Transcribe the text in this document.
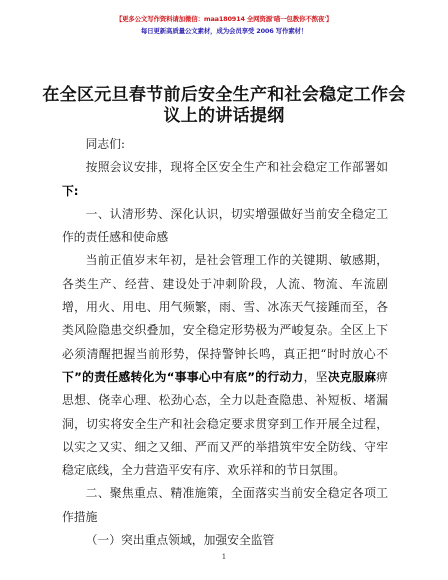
【更多公文写作资料请加微信：maa180914 全网资源'喵一包教你不熬夜'】
每日更新高质量公文素材，成为会员享受 2006 写作素材！
在全区元旦春节前后安全生产和社会稳定工作会议上的讲话提纲

同志们:

按照会议安排，现将全区安全生产和社会稳定工作部署如下:

一、认清形势、深化认识，切实增强做好当前安全稳定工作的责任感和使命感

当前正值岁末年初，是社会管理工作的关键期、敏感期，各类生产、经营、建设处于冲刺阶段，人流、物流、车流剧增，用火、用电、用气频繁，雨、雪、冰冻天气接踵而至，各类风险隐患交织叠加，安全稳定形势极为严峻复杂。全区上下必须清醒把握当前形势，保持警钟长鸣，真正把“时时放心不下”的责任感转化为“事事心中有底”的行动力，坚决克服麻痹思想、侥幸心理、松劲心态，全力以赴查隐患、补短板、堵漏洞，切实将安全生产和社会稳定要求贯穿到工作开展全过程，以实之又实、细之又细、严而又严的举措筑牢安全防线、守牢稳定底线，全力营造平安有序、欢乐祥和的节日氛围。

二、聚焦重点、精准施策，全面落实当前安全稳定各项工作措施

（一）突出重点领域，加强安全监管

1
